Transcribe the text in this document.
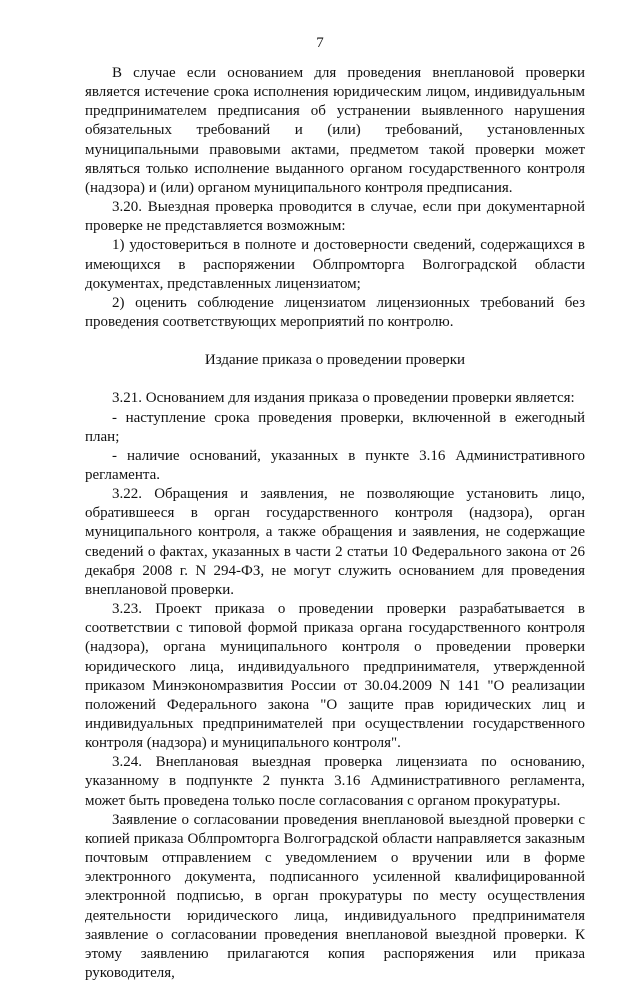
7

В случае если основанием для проведения внеплановой проверки является истечение срока исполнения юридическим лицом, индивидуальным предпринимателем предписания об устранении выявленного нарушения обязательных требований и (или) требований, установленных муниципальными правовыми актами, предметом такой проверки может являться только исполнение выданного органом государственного контроля (надзора) и (или) органом муниципального контроля предписания.

3.20. Выездная проверка проводится в случае, если при документарной проверке не представляется возможным:

1) удостовериться в полноте и достоверности сведений, содержащихся в имеющихся в распоряжении Облпромторга Волгоградской области документах, представленных лицензиатом;

2) оценить соблюдение лицензиатом лицензионных требований без проведения соответствующих мероприятий по контролю.

Издание приказа о проведении проверки

3.21. Основанием для издания приказа о проведении проверки является:

- наступление срока проведения проверки, включенной в ежегодный план;

- наличие оснований, указанных в пункте 3.16 Административного регламента.

3.22. Обращения и заявления, не позволяющие установить лицо, обратившееся в орган государственного контроля (надзора), орган муниципального контроля, а также обращения и заявления, не содержащие сведений о фактах, указанных в части 2 статьи 10 Федерального закона от 26 декабря 2008 г. N 294-ФЗ, не могут служить основанием для проведения внеплановой проверки.

3.23. Проект приказа о проведении проверки разрабатывается в соответствии с типовой формой приказа органа государственного контроля (надзора), органа муниципального контроля о проведении проверки юридического лица, индивидуального предпринимателя, утвержденной приказом Минэкономразвития России от 30.04.2009 N 141 "О реализации положений Федерального закона "О защите прав юридических лиц и индивидуальных предпринимателей при осуществлении государственного контроля (надзора) и муниципального контроля".

3.24. Внеплановая выездная проверка лицензиата по основанию, указанному в подпункте 2 пункта 3.16 Административного регламента, может быть проведена только после согласования с органом прокуратуры.

Заявление о согласовании проведения внеплановой выездной проверки с копией приказа Облпромторга Волгоградской области направляется заказным почтовым отправлением с уведомлением о вручении или в форме электронного документа, подписанного усиленной квалифицированной электронной подписью, в орган прокуратуры по месту осуществления деятельности юридического лица, индивидуального предпринимателя заявление о согласовании проведения внеплановой выездной проверки. К этому заявлению прилагаются копия распоряжения или приказа руководителя,
